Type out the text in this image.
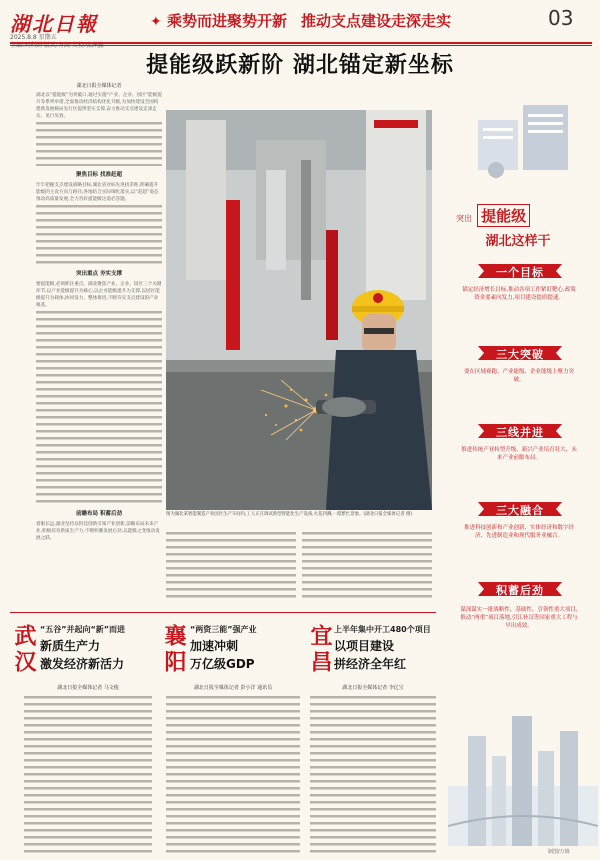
湖北日報
2025.8.8 星期五
✦ 乘势而进聚势开新 推动支点建设走深走实	03
提能级跃新阶 湖北锚定新坐标
湖北日报全媒体记者
湖北以“提能级”为突破口,通过实施“产业、企业、园区”能级提升等系列举措,全面推动经济结构优化升级,为加快建设全国构建新发展格局先行区提供坚实支撑,奋力推动支点建设走深走实、见行见效。
聚焦目标 找准赶超
牢牢把握支点建设战略目标,湖北省对标先进找差距,明确提升能级的主攻方向与路径,各地结合实际细化落实,以“赶超”姿态推动高质量发展,全力答好提能级这道必答题。
突出重点 夯实支撑
要提能级,必须抓住重点。湖北聚焦产业、企业、园区三个关键环节,以产业能级提升为核心,以企业能级提升为支撑,以园区能级提升为载体,协同发力、整体推进,不断夯实支点建设的产业根基。
前瞻布局 积蓄后劲
着眼长远,湖北坚持以科技创新引领产业创新,前瞻布局未来产业,积极培育新质生产力,不断积蓄发展后劲,以能级之变推动发展之跃。
图为湖北某智能制造产业园区生产车间内,工人正在调试新型智能化生产设备,火花四溅,一派繁忙景象。(湖北日报全媒体记者 摄)
突出 提能级
湖北这样干
一个目标
锚定经济增长目标,推动各项工作紧盯靶心,政策资金要素向发力,项目建设提质提速。
三大突破
要在区域赛跑、产业能级、企业能级上聚力突破。
三线并进
推进传统产业转型升级、新兴产业培育壮大、未来产业前瞻布局。
三大融合
推进科技创新和产业创新、实体经济和数字经济、先进制造业和现代服务业融合。
积蓄后劲
谋深谋实一批战略性、基础性、引领性重大项目,推动“两重”项目落地,引江补汉等国家重大工程与早出成效。
制图/万镇
武汉 “五谷”并起向“新”而进
新质生产力
激发经济新活力
湖北日报全媒体记者 马文俊
襄阳 “两资三能”强产业
加速冲刺
万亿级GDP
湖北日报全媒体记者 彭小洋 通讯员
宜昌 上半年集中开工480个项目
以项目建设
拼经济全年红
湖北日报全媒体记者 李亿宝
